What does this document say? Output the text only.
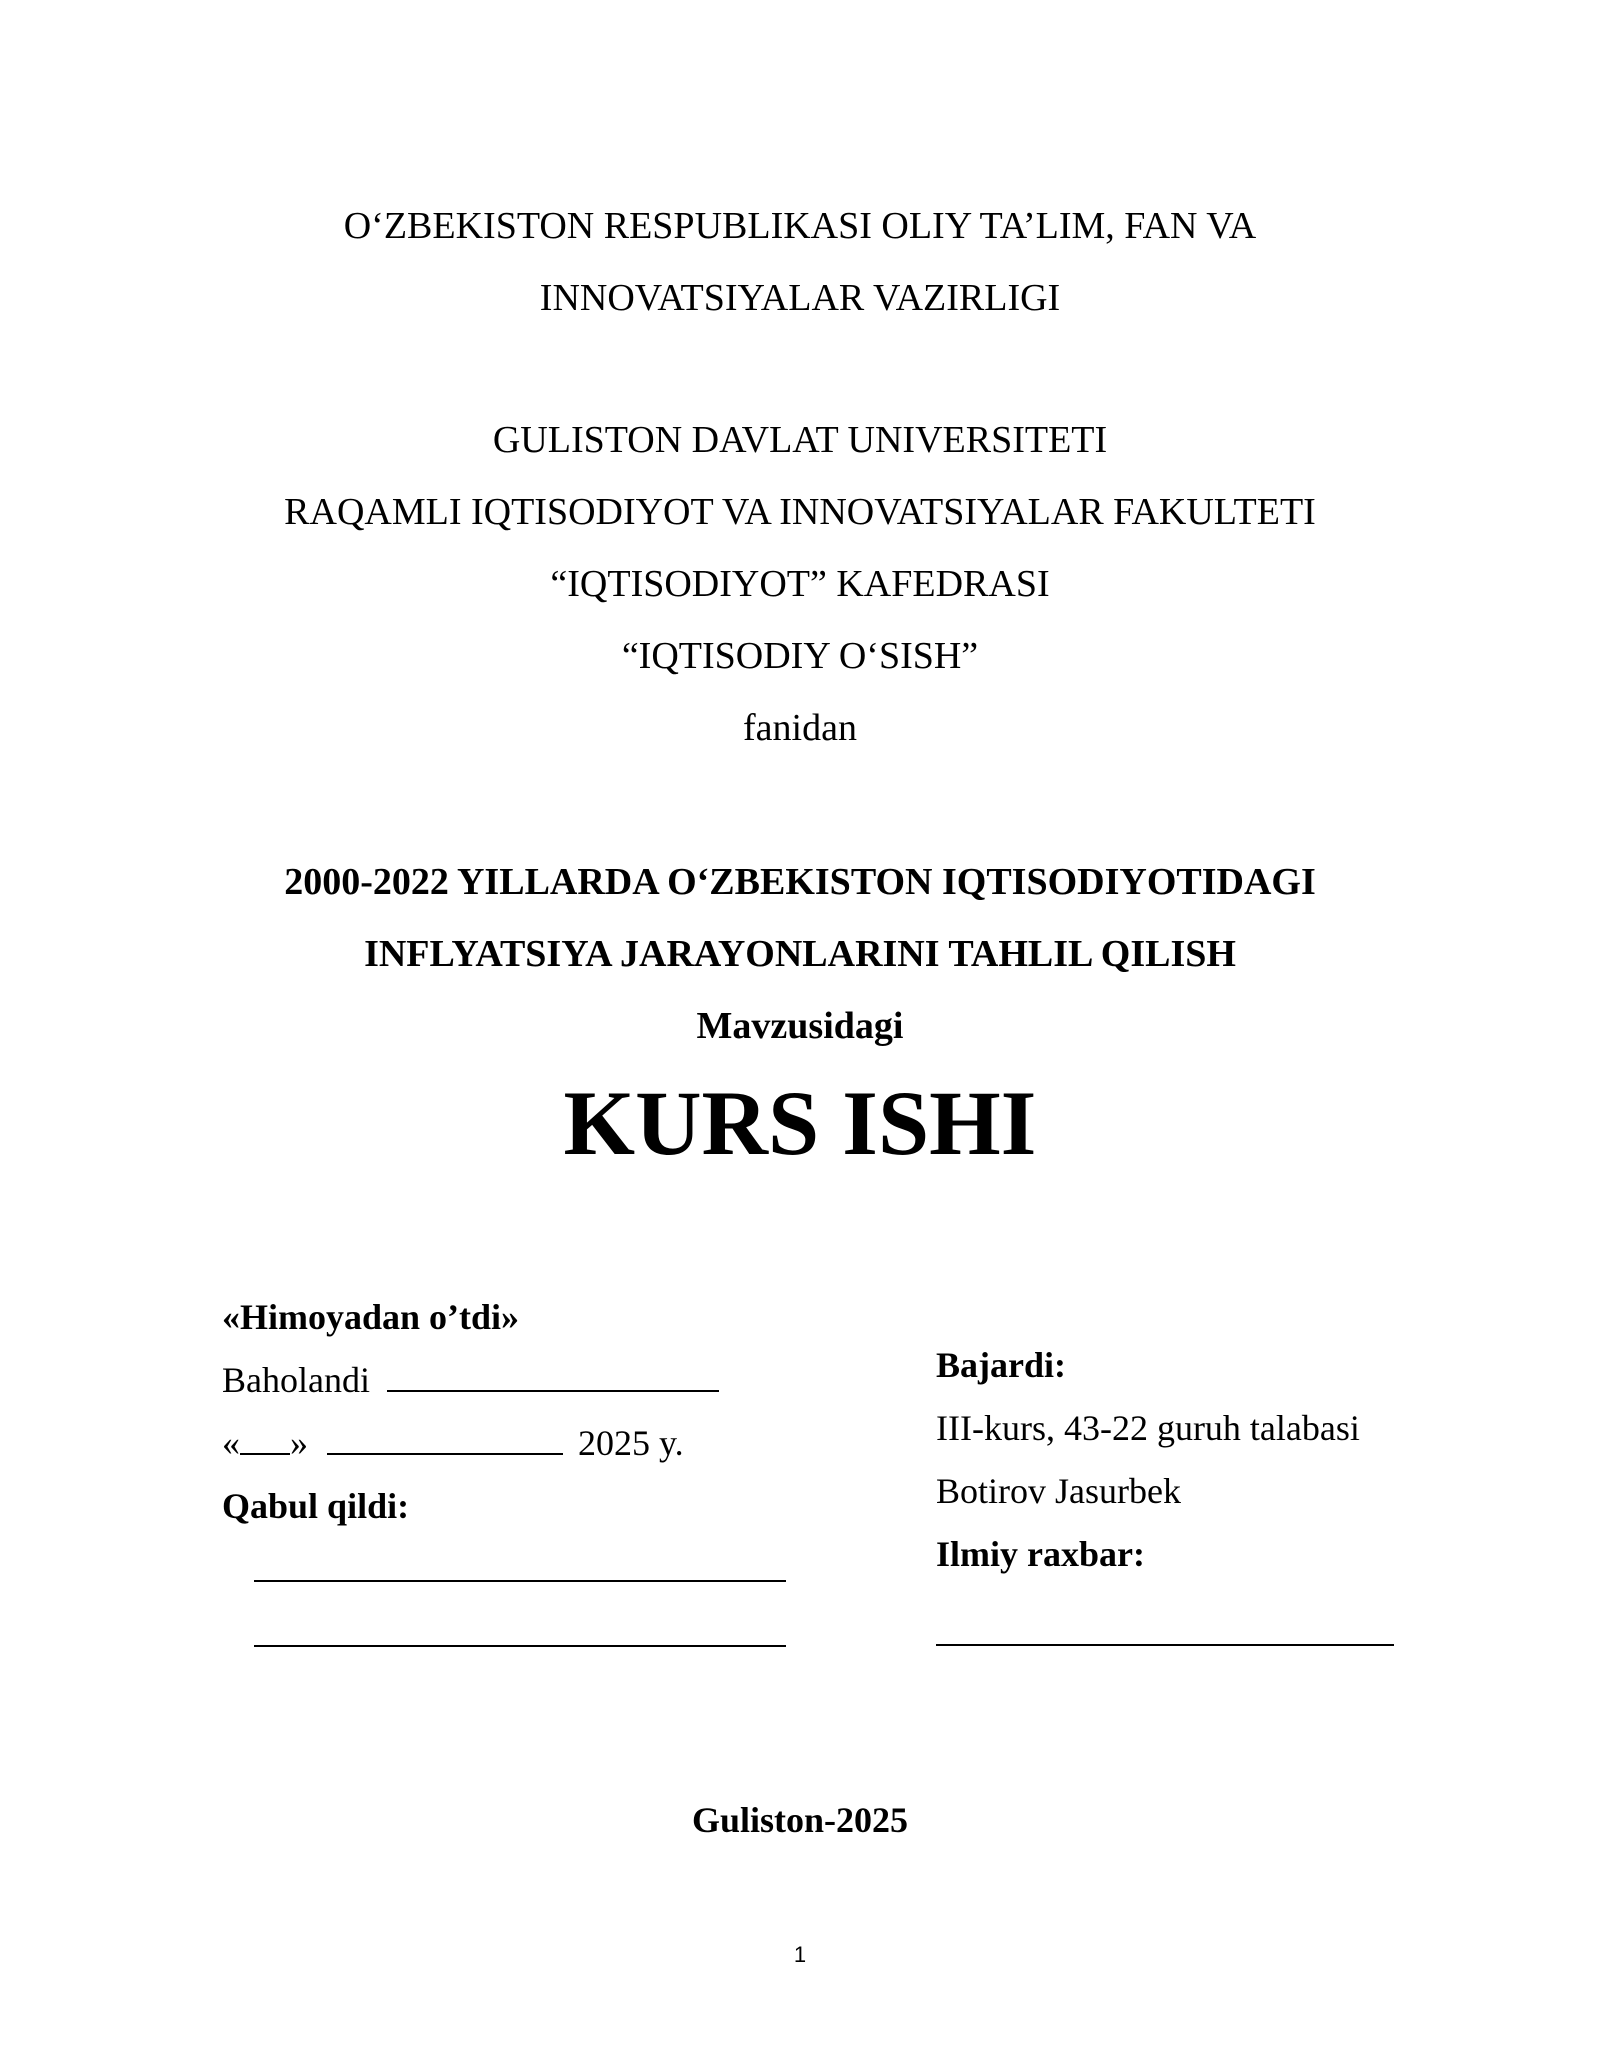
O‘ZBEKISTON RESPUBLIKASI OLIY TA’LIM, FAN VA
INNOVATSIYALAR VAZIRLIGI
GULISTON DAVLAT UNIVERSITETI
RAQAMLI IQTISODIYOT VA INNOVATSIYALAR FAKULTETI
“IQTISODIYOT” KAFEDRASI
“IQTISODIY O‘SISH”
fanidan
2000-2022 YILLARDA O‘ZBEKISTON IQTISODIYOTIDAGI
INFLYATSIYA JARAYONLARINI TAHLIL QILISH
Mavzusidagi
KURS ISHI
«Himoyadan o’tdi»
Baholandi
« »	2025 y.
Qabul qildi:
Bajardi:
III-kurs, 43-22 guruh talabasi
Botirov Jasurbek
Ilmiy raxbar:
Guliston-2025
1
